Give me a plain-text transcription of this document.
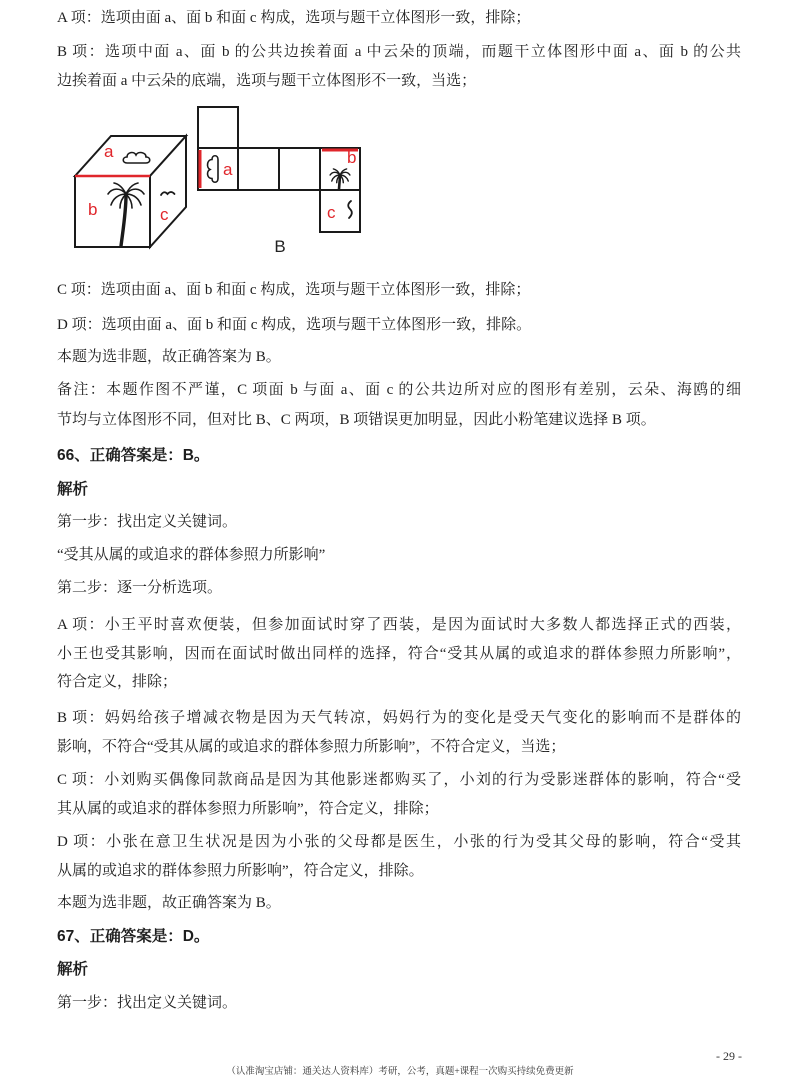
A 项：选项由面 a、面 b 和面 c 构成，选项与题干立体图形一致，排除；
B 项：选项中面 a、面 b 的公共边挨着面 a 中云朵的顶端，而题干立体图形中面 a、面 b 的公共
边挨着面 a 中云朵的底端，选项与题干立体图形不一致，当选；
a
b	c
a
b
c
B
C 项：选项由面 a、面 b 和面 c 构成，选项与题干立体图形一致，排除；
D 项：选项由面 a、面 b 和面 c 构成，选项与题干立体图形一致，排除。
本题为选非题，故正确答案为 B。
备注：本题作图不严谨，C 项面 b 与面 a、面 c 的公共边所对应的图形有差别，云朵、海鸥的细
节均与立体图形不同，但对比 B、C 两项，B 项错误更加明显，因此小粉笔建议选择 B 项。
66、正确答案是：B。
解析
第一步：找出定义关键词。
“受其从属的或追求的群体参照力所影响”
第二步：逐一分析选项。
A 项：小王平时喜欢便装，但参加面试时穿了西装，是因为面试时大多数人都选择正式的西装，
小王也受其影响，因而在面试时做出同样的选择，符合“受其从属的或追求的群体参照力所影响”，
符合定义，排除；
B 项：妈妈给孩子增减衣物是因为天气转凉，妈妈行为的变化是受天气变化的影响而不是群体的
影响，不符合“受其从属的或追求的群体参照力所影响”，不符合定义，当选；
C 项：小刘购买偶像同款商品是因为其他影迷都购买了，小刘的行为受影迷群体的影响，符合“受
其从属的或追求的群体参照力所影响”，符合定义，排除；
D 项：小张在意卫生状况是因为小张的父母都是医生，小张的行为受其父母的影响，符合“受其
从属的或追求的群体参照力所影响”，符合定义，排除。
本题为选非题，故正确答案为 B。
67、正确答案是：D。
解析
第一步：找出定义关键词。
- 29 -
（认准淘宝店铺：通关达人资料库）考研，公考，真题+课程一次购买持续免费更新
